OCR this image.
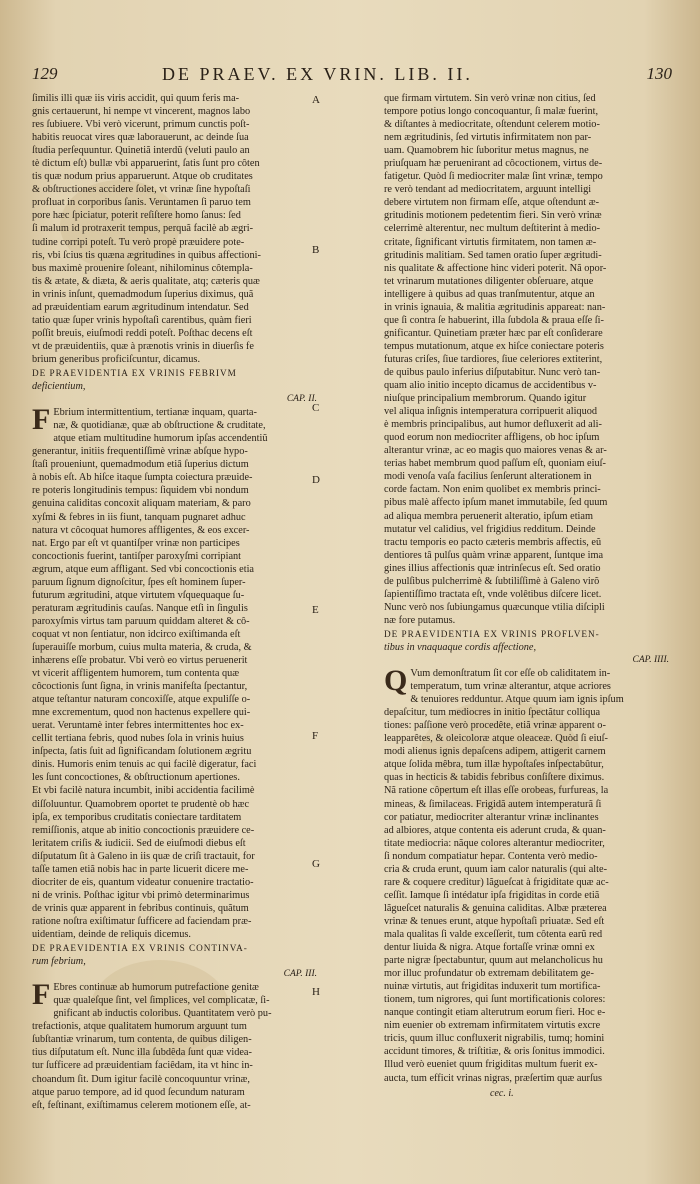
129	DE PRAEV. EX VRIN. LIB. II.	130
ſimilis illi quæ iis viris accidit, qui quum feris ma-
gnis certauerunt, hi nempe vt vincerent, magnos labo
res ſubiuere. Vbi verò vicerunt, primum cunctis poſt-
habitis reuocat vires quæ laborauerunt, ac deinde ſua
ſtudia perſequuntur. Quinetiã interdũ (veluti paulo an
tè dictum eſt) bullæ vbi apparuerint, ſatis ſunt pro côten
tis quæ nodum prius apparuerunt. Atque ob cruditates
& obſtructiones accidere ſolet, vt vrinæ ſine hypoſtaſi
profluat in corporibus ſanis. Veruntamen ſi paruo tem
pore hæc ſpiciatur, poterit reſiſtere homo ſanus: ſed
ſi malum id protraxerit tempus, perquã facilè ab ægri-
tudine corripi poteſt. Tu verò propè præuidere pote-
ris, vbi ſcius tis quæna ægritudines in quibus affectioni-
bus maximè prouenire ſoleant, nihilominus côtempla-
tis & ætate, & diæta, & aeris qualitate, atq; cæteris quæ
in vrinis inſunt, quemadmodum ſuperius diximus, quã
ad præuidentiam earum ægritudinum intendatur. Sed
tatio quæ ſuper vrinis hypoſtaſi carentibus, quàm fieri
poſſit breuis, eiuſmodi reddi poteſt. Poſthac decens eſt
vt de præuidentiis, quæ à prænotis vrinis in diuerſis fe
brium generibus proficiſcuntur, dicamus.
DE PRAEVIDENTIA EX VRINIS FEBRIVM
deficientium,
CAP. II.
F Ebrium intermittentium, tertianæ inquam, quarta-
næ, & quotidianæ, quæ ab obſtructione & cruditate,
atque etiam multitudine humorum ipſas accendentiũ
generantur, initiis frequentiſſimè vrinæ abſque hypo-
ſtaſi proueniunt, quemadmodum etiâ ſuperius dictum
à nobis eſt. Ab hiſce itaque ſumpta coiectura præuide-
re poteris longitudinis tempus: ſiquidem vbi nondum
genuina caliditas concoxit aliquam materiam, & paro
xyſmi & febres in iis fiunt, tanquam pugnaret adhuc
natura vt côcoquat humores affligentes, & eos excer-
nat. Ergo par eſt vt quantiſper vrinæ non participes
concoctionis fuerint, tantiſper paroxyſmi corripiant
ægrum, atque eum affligant. Sed vbi concoctionis etia
paruum ſignum dignoſcitur, ſpes eſt hominem ſuper-
futurum ægritudini, atque virtutem vſquequaque ſu-
peraturam ægritudinis cauſas. Nanque etſi in ſingulis
paroxyſmis virtus tam paruum quiddam alteret & cô-
coquat vt non ſentiatur, non idcirco exiſtimanda eſt
ſuperauiſſe morbum, cuius multa materia, & cruda, &
inhærens eſſe probatur. Vbi verò eo virtus peruenerit
vt vicerit affligentem humorem, tum contenta quæ
côcoctionis ſunt ſigna, in vrinis manifeſta ſpectantur,
atque teſtantur naturam concoxiſſe, atque expuliſſe o-
mne excrementum, quod non hactenus expellere qui-
uerat. Veruntamè inter febres intermittentes hoc ex-
cellit tertiana febris, quod nubes ſola in vrinis huius
inſpecta, ſatis ſuit ad ſignificandam ſolutionem ægritu
dinis. Humoris enim tenuis ac qui facilè digeratur, faci
les ſunt concoctiones, & obſtructionum apertiones.
Et vbi facilè natura incumbit, inibi accidentia facilimè
diſſoluuntur. Quamobrem oportet te prudentè ob hæc
ipſa, ex temporibus cruditatis coniectare tarditatem
remiſſionis, atque ab initio concoctionis præuidere ce-
leritatem criſis & iudicii. Sed de eiuſmodi diebus eſt
diſputatum ſit à Galeno in iis quæ de criſi tractauit, for
taſſe tamen etiã nobis hac in parte licuerit dicere me-
diocriter de eis, quantum videatur conuenire tractatio-
ni de vrinis. Poſthac igitur vbi primò determinarimus
de vrinis quæ apparent in febribus continuis, quãtum
ratione noſtra exiſtimatur ſufficere ad faciendam præ-
uidentiam, deinde de reliquis dicemus.
DE PRAEVIDENTIA EX VRINIS CONTINVA-
rum febrium,
CAP. III.
F Ebres continuæ ab humorum putrefactione genitæ
quæ qualeſque ſint, vel ſimplices, vel complicatæ, ſi-
gnificant ab inductis coloribus. Quantitatem verò pu-
trefactionis, atque qualitatem humorum arguunt tum
ſubſtantiæ vrinarum, tum contenta, de quibus diligen-
tius diſputatum eſt. Nunc illa ſubdêda ſunt quæ videa-
tur ſufficere ad præuidentiam faciêdam, ita vt hinc in-
choandum ſit. Dum igitur facilè concoquuntur vrinæ,
atque paruo tempore, ad id quod ſecundum naturam
eſt, feſtinant, exiſtimamus celerem motionem eſſe, at-
A
B
C
D
E
F
G
H
que firmam virtutem. Sin verò vrinæ non citius, ſed
tempore potius longo concoquantur, ſi malæ fuerint,
& diſtantes à mediocritate, oſtendunt celerem motio-
nem ægritudinis, ſed virtutis infirmitatem non par-
uam. Quamobrem hic ſuboritur metus magnus, ne
priuſquam hæ peruenirant ad côcoctionem, virtus de-
fatigetur. Quòd ſi mediocriter malæ ſint vrinæ, tempo
re verò tendant ad mediocritatem, arguunt intelligi
debere virtutem non firmam eſſe, atque oſtendunt æ-
gritudinis motionem pedetentim fieri. Sin verò vrinæ
celerrimè alterentur, nec multum deſtiterint à medio-
critate, ſignificant virtutis firmitatem, non tamen æ-
gritudinis malitiam. Sed tamen oratio ſuper ægritudi-
nis qualitate & affectione hinc videri poterit. Nã opor-
tet vrinarum mutationes diligenter obſeruare, atque
intelligere à quibus ad quas tranſmutentur, atque an
in vrinis ignauia, & malitia ægritudinis appareat: nan-
que ſi contra ſe habuerint, illa ſubdola & praua eſſe ſi-
gnificantur. Quinetiam præter hæc par eſt conſiderare
tempus mutationum, atque ex hiſce coniectare poteris
futuras criſes, ſiue tardiores, ſiue celeriores extiterint,
de quibus paulo inferius diſputabitur. Nunc verò tan-
quam alio initio incepto dicamus de accidentibus v-
niuſque principalium membrorum. Quando igitur
vel aliqua inſignis intemperatura corripuerit aliquod
è membris principalibus, aut humor defluxerit ad ali-
quod eorum non mediocriter affligens, ob hoc ipſum
alterantur vrinæ, ac eo magis quo maiores venas & ar-
terias habet membrum quod paſſum eſt, quoniam eiuſ-
modi venoſa vaſa facilius ſenſerunt alterationem in
corde factam. Non enim quolibet ex membris princi-
pibus malè affecto ipſum manet immutabile, ſed quum
ad aliqua membra peruenerit alteratio, ipſum etiam
mutatur vel calidius, vel frigidius redditum. Deinde
tractu temporis eo pacto cæteris membris affectis, eũ
dentiores tâ pulſus quàm vrinæ apparent, ſuntque ima
gines illius affectionis quæ intrinſecus eſt. Sed oratio
de pulſibus pulcherrimè & ſubtiliſſimè à Galeno virõ
ſapientiſſimo tractata eſt, vnde volêtibus diſcere licet.
Nunc verò nos ſubiungamus quæcunque vtilia diſcipli
næ fore putamus.
DE PRAEVIDENTIA EX VRINIS PROFLVEN-
tibus in vnaquaque cordis affectione,
CAP. IIII.
Q Vum demonſtratum ſit cor eſſe ob caliditatem in-
temperatum, tum vrinæ alterantur, atque acriores
& tenuiores redduntur. Atque quum iam ignis ipſum
depaſcitur, tum mediocres in initio ſpectãtur colliqua
tiones: paſſione verò procedête, etiã vrinæ apparent o-
leapparêtes, & oleicoloræ atque oleaceæ. Quòd ſi eiuſ-
modi alienus ignis depaſcens adipem, attigerit carnem
atque ſolida mêbra, tum illæ hypoſtaſes inſpectabûtur,
quas in hecticis & tabidis febribus conſiſtere diximus.
Nã ratione côpertum eſt illas eſſe orobeas, furfureas, la
mineas, & ſimilaceas. Frigidã autem intemperaturã ſi
cor patiatur, mediocriter alterantur vrinæ inclinantes
ad albiores, atque contenta eis aderunt cruda, & quan-
titate mediocria: nãque colores alterantur mediocriter,
ſi nondum compatiatur hepar. Contenta verò medio-
cria & cruda erunt, quum iam calor naturalis (qui alte-
rare & coquere creditur) lãgueſcat à frigiditate quæ ac-
ceſſit. Iamque ſi intédatur ipſa frigiditas in corde etiã
lãgueſcet naturalis & genuina caliditas. Albæ præterea
vrinæ & tenues erunt, atque hypoſtaſi priuatæ. Sed eſt
mala qualitas ſi valde exceſſerit, tum côtenta earũ red
dentur liuida & nigra. Atque fortaſſe vrinæ omni ex
parte nigræ ſpectabuntur, quum aut melancholicus hu
mor illuc profundatur ob extremam debilitatem ge-
nuinæ virtutis, aut frigiditas induxerit tum mortifica-
tionem, tum nigrores, qui ſunt mortificationis colores:
nanque contingit etiam alterutrum eorum fieri. Hoc e-
nim euenier ob extremam infirmitatem virtutis excre
tricis, quum illuc confluxerit nigrabilis, tumq; homini
accidunt timores, & triſtitiæ, & oris ſonitus immodici.
Illud verò eueniet quum frigiditas multum fuerit ex-
aucta, tum efficit vrinas nigras, præſertim quæ aurſus
cec. i.
